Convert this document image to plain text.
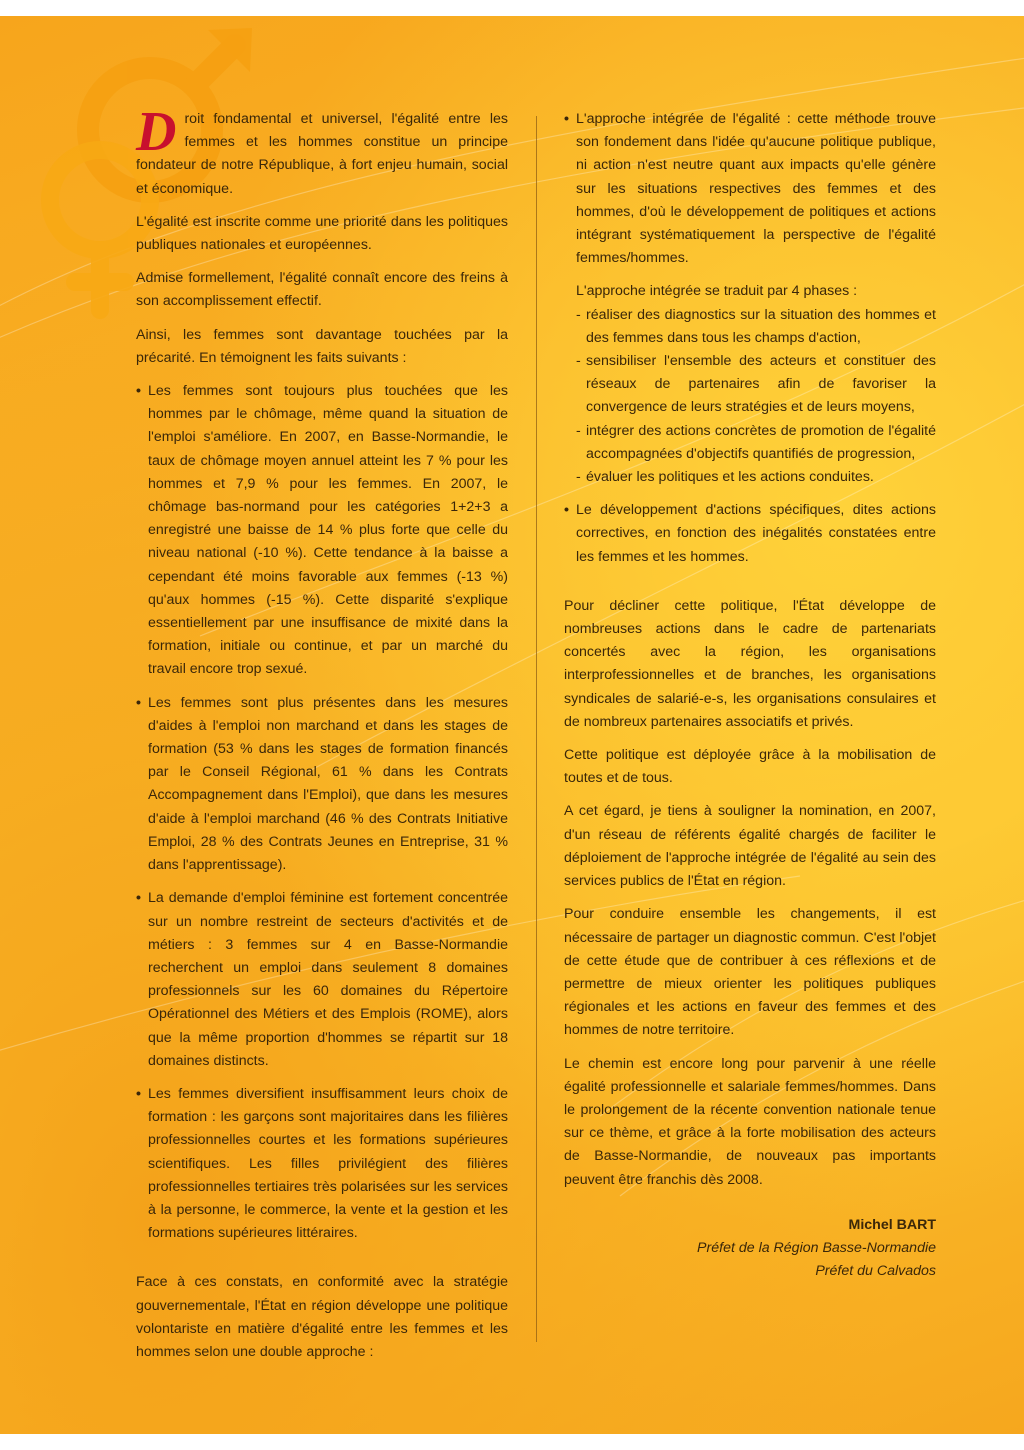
Droit fondamental et universel, l'égalité entre les femmes et les hommes constitue un principe fondateur de notre République, à fort enjeu humain, social et économique.

L'égalité est inscrite comme une priorité dans les politiques publiques nationales et européennes.

Admise formellement, l'égalité connaît encore des freins à son accomplissement effectif.

Ainsi, les femmes sont davantage touchées par la précarité. En témoignent les faits suivants :

• Les femmes sont toujours plus touchées que les hommes par le chômage, même quand la situation de l'emploi s'améliore. En 2007, en Basse-Normandie, le taux de chômage moyen annuel atteint les 7 % pour les hommes et 7,9 % pour les femmes. En 2007, le chômage bas-normand pour les catégories 1+2+3 a enregistré une baisse de 14 % plus forte que celle du niveau national (-10 %). Cette tendance à la baisse a cependant été moins favorable aux femmes (-13 %) qu'aux hommes (-15 %). Cette disparité s'explique essentiellement par une insuffisance de mixité dans la formation, initiale ou continue, et par un marché du travail encore trop sexué.
• Les femmes sont plus présentes dans les mesures d'aides à l'emploi non marchand et dans les stages de formation (53 % dans les stages de formation financés par le Conseil Régional, 61 % dans les Contrats Accompagnement dans l'Emploi), que dans les mesures d'aide à l'emploi marchand (46 % des Contrats Initiative Emploi, 28 % des Contrats Jeunes en Entreprise, 31 % dans l'apprentissage).
• La demande d'emploi féminine est fortement concentrée sur un nombre restreint de secteurs d'activités et de métiers : 3 femmes sur 4 en Basse-Normandie recherchent un emploi dans seulement 8 domaines professionnels sur les 60 domaines du Répertoire Opérationnel des Métiers et des Emplois (ROME), alors que la même proportion d'hommes se répartit sur 18 domaines distincts.
• Les femmes diversifient insuffisamment leurs choix de formation : les garçons sont majoritaires dans les filières professionnelles courtes et les formations supérieures scientifiques. Les filles privilégient des filières professionnelles tertiaires très polarisées sur les services à la personne, le commerce, la vente et la gestion et les formations supérieures littéraires.

Face à ces constats, en conformité avec la stratégie gouvernementale, l'État en région développe une politique volontariste en matière d'égalité entre les femmes et les hommes selon une double approche :

• L'approche intégrée de l'égalité : cette méthode trouve son fondement dans l'idée qu'aucune politique publique, ni action n'est neutre quant aux impacts qu'elle génère sur les situations respectives des femmes et des hommes, d'où le développement de politiques et actions intégrant systématiquement la perspective de l'égalité femmes/hommes.
L'approche intégrée se traduit par 4 phases :
- réaliser des diagnostics sur la situation des hommes et des femmes dans tous les champs d'action,
- sensibiliser l'ensemble des acteurs et constituer des réseaux de partenaires afin de favoriser la convergence de leurs stratégies et de leurs moyens,
- intégrer des actions concrètes de promotion de l'égalité accompagnées d'objectifs quantifiés de progression,
- évaluer les politiques et les actions conduites.
• Le développement d'actions spécifiques, dites actions correctives, en fonction des inégalités constatées entre les femmes et les hommes.

Pour décliner cette politique, l'État développe de nombreuses actions dans le cadre de partenariats concertés avec la région, les organisations interprofessionnelles et de branches, les organisations syndicales de salarié-e-s, les organisations consulaires et de nombreux partenaires associatifs et privés.

Cette politique est déployée grâce à la mobilisation de toutes et de tous.

A cet égard, je tiens à souligner la nomination, en 2007, d'un réseau de référents égalité chargés de faciliter le déploiement de l'approche intégrée de l'égalité au sein des services publics de l'État en région.

Pour conduire ensemble les changements, il est nécessaire de partager un diagnostic commun. C'est l'objet de cette étude que de contribuer à ces réflexions et de permettre de mieux orienter les politiques publiques régionales et les actions en faveur des femmes et des hommes de notre territoire.

Le chemin est encore long pour parvenir à une réelle égalité professionnelle et salariale femmes/hommes. Dans le prolongement de la récente convention nationale tenue sur ce thème, et grâce à la forte mobilisation des acteurs de Basse-Normandie, de nouveaux pas importants peuvent être franchis dès 2008.

Michel BART
Préfet de la Région Basse-Normandie
Préfet du Calvados
